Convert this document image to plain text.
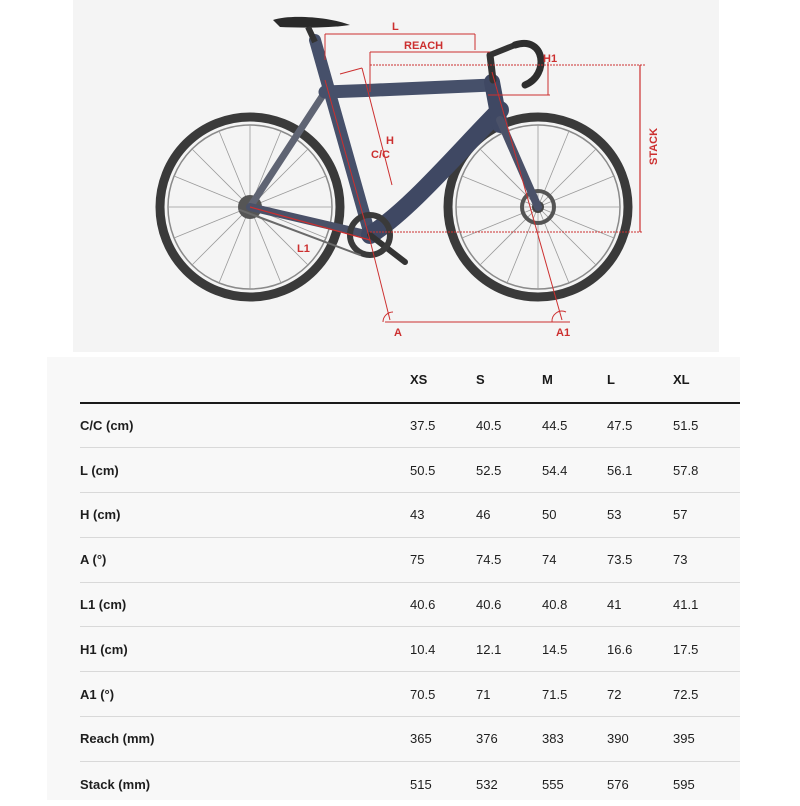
L
REACH
H1
H
C/C	STACK
L1
A	A1
	XS	S	M	L	XL
C/C (cm)	37.5	40.5	44.5	47.5	51.5
L (cm)	50.5	52.5	54.4	56.1	57.8
H (cm)	43	46	50	53	57
A (°)	75	74.5	74	73.5	73
L1 (cm)	40.6	40.6	40.8	41	41.1
H1 (cm)	10.4	12.1	14.5	16.6	17.5
A1 (°)	70.5	71	71.5	72	72.5
Reach (mm)	365	376	383	390	395
Stack (mm)	515	532	555	576	595
